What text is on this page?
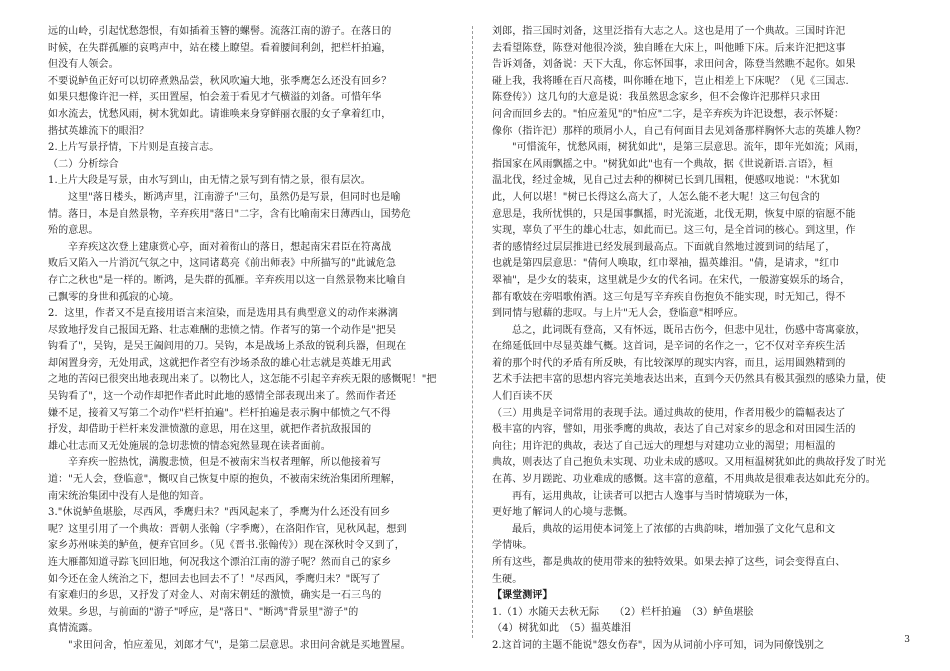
远的山岭，引起忧愁怨恨，有如插着玉簪的螺髻。流落江南的游子。在落日的

时候，在失群孤雁的哀鸣声中，站在楼上瞭望。看着腰间利剑，把栏杆拍遍，

但没有人领会。

不要说鲈鱼正好可以切碎煮熟品尝，秋风吹遍大地，张季鹰怎么还没有回乡？

如果只想像许汜一样，买田置屋，怕会羞于看见才气横溢的刘备。可惜年华

如水流去，忧愁风雨，树木犹如此。请谁唤来身穿鲜丽衣服的女子拿着红巾，

揩拭英雄流下的眼泪？

2.上片写景抒情，下片则是直接言志。

（二）分析综合

1.上片大段是写景，由水写到山，由无情之景写到有情之景，很有层次。

这里"落日楼头，断鸿声里，江南游子"三句，虽然仍是写景，但同时也是喻

情。落日，本是自然景物，辛弃疾用"落日"二字，含有比喻南宋日薄西山，国势危

殆的意思。

辛弃疾这次登上建康赏心亭，面对着衔山的落日，想起南宋君臣在符离战

败后又陷入一片消沉气氛之中，这同诸葛亮《前出师表》中所描写的"此诚危急

存亡之秋也"是一样的。断鸿，是失群的孤雁。辛弃疾用以这一自然景物来比喻自

己飘零的身世和孤寂的心境。

2．这里，作者又不是直接用语言来渲染，而是选用具有典型意义的动作来淋漓

尽致地抒发自己报国无路、壮志难酬的悲愤之情。作者写的第一个动作是"把吴

钩看了"，吴钩，是吴王阖闾用的刀。吴钩，本是战场上杀敌的锐利兵器，但现在

却闲置身旁，无处用武，这就把作者空有沙场杀敌的雄心壮志就是英雄无用武

之地的苦闷已很突出地表现出来了。以物比人，这怎能不引起辛弃疾无限的感慨呢！"把

吴钩看了"，这一个动作却把作者此时此地的感情全部表现出来了。然而作者还

嫌不足，接着又写第二个动作"栏杆拍遍"。栏杆拍遍是表示胸中郁愤之气不得

抒发，却借助于栏杆来发泄愤激的意思，用在这里，就把作者抗敌报国的

雄心壮志而又无处施展的急切悲愤的情态宛然显现在读者面前。

辛弃疾一腔热忱，满腹悲愤，但是不被南宋当权者理解，所以他接着写

道："无人会，登临意"，慨叹自己恢复中原的抱负，不被南宋统治集团所理解，

南宋统治集团中没有人是他的知音。

3."休说鲈鱼堪脍，尽西风，季鹰归未？"西风起来了，季鹰为什么还没有回乡

呢？这里引用了一个典故：晋朝人张翰（字季鹰），在洛阳作官，见秋风起，想到

家乡苏州味美的鲈鱼，便弃官回乡。（见《晋书.张翰传》）现在深秋时令又到了，

连大雁都知道寻踪飞回旧地，何况我这个漂泊江南的游子呢？然而自己的家乡

如今还在金人统治之下，想回去也回去不了！"尽西风，季鹰归未？"既写了

有家难归的乡思，又抒发了对金人、对南宋朝廷的激愤，确实是一石三鸟的

效果。乡思，与前面的"游子"呼应，是"落日"、"断鸿"背景里"游子"的

真情流露。

"求田问舍，怕应羞见，刘郎才气"，是第二层意思。求田问舍就是买地置屋。

刘郎，指三国时刘备，这里泛指有大志之人。这也是用了一个典故。三国时许汜

去看望陈登，陈登对他很冷淡，独自睡在大床上，叫他睡下床。后来许汜把这事

告诉刘备，刘备说：天下大乱，你忘怀国事，求田问舍，陈登当然瞧不起你。如果

碰上我，我将睡在百尺高楼，叫你睡在地下，岂止相差上下床呢？（见《三国志.

陈登传》）这几句的大意是说：我虽然思念家乡，但不会像许汜那样只求田

问舍而回乡去的。"怕应羞见"的"怕应"二字，是辛弃疾为许汜设想，表示怀疑：

像你（指许汜）那样的琐屑小人，自己有何面目去见刘备那样胸怀大志的英雄人物？

"可惜流年，忧愁风雨，树犹如此"，是第三层意思。流年，即年光如流；风雨，

指国家在风雨飘摇之中。"树犹如此"也有一个典故，据《世说新语.言语》，桓

温北伐，经过金城，见自己过去种的柳树已长到几围粗，便感叹地说："木犹如

此，人何以堪！"树已长得这么高大了，人怎么能不老大呢！这三句包含的

意思是，我所忧惧的，只是国事飘摇，时光流逝，北伐无期，恢复中原的宿愿不能

实现，辜负了平生的雄心壮志，如此而已。这三句，是全首词的核心。到这里，作

者的感情经过层层推进已经发展到最高点。下面就自然地过渡到词的结尾了，

也就是第四层意思："倩何人唤取，红巾翠袖，揾英雄泪。"倩，是请求，"红巾

翠袖"，是少女的装束，这里就是少女的代名词。在宋代，一般游宴娱乐的场合，

都有歌妓在旁唱歌侑酒。这三句是写辛弃疾自伤抱负不能实现，时无知己，得不

到同情与慰藉的悲叹。与上片"无人会，登临意"相呼应。

总之，此词既有登高，又有怀远，既吊古伤今，但悲中见壮，伤感中寄寓豪放，

在绵延低回中尽显英雄气概。这首词，是辛词的名作之一，它不仅对辛弃疾生活

着的那个时代的矛盾有所反映，有比较深厚的现实内容，而且，运用圆熟精到的

艺术手法把丰富的思想内容完美地表达出来，直到今天仍然具有极其强烈的感染力量，使

人们百读不厌

（三）用典是辛词常用的表现手法。通过典故的使用，作者用极少的篇幅表达了

极丰富的内容，譬如，用张季鹰的典故，表达了自己对家乡的思念和对田园生活的

向往；用许汜的典故，表达了自己远大的理想与对建功立业的渴望；用桓温的

典故，则表达了自己抱负未实现、功业未成的感叹。又用桓温树犹如此的典故抒发了时光

在苒、岁月蹉跎、功业难成的感慨。这丰富的意蕴，不用典故是很难表达如此充分的。

再有，运用典故，让读者可以把古人逸事与当时情境联为一体，

更好地了解词人的心境与悲慨。

最后，典故的运用使本词笼上了浓郁的古典韵味，增加强了文化气息和文

学情味。

所有这些，都是典故的使用带来的独特效果。如果去掉了这些，词会变得直白、

生硬。

【课堂测评】

1.（1）水随天去秋无际　　（2）栏杆拍遍　（3）鲈鱼堪脍

（4）树犹如此　（5）揾英雄泪

2.这首词的主题不能说"怨女伤春"，因为从词前小序可知，词为同僚饯别之	3
